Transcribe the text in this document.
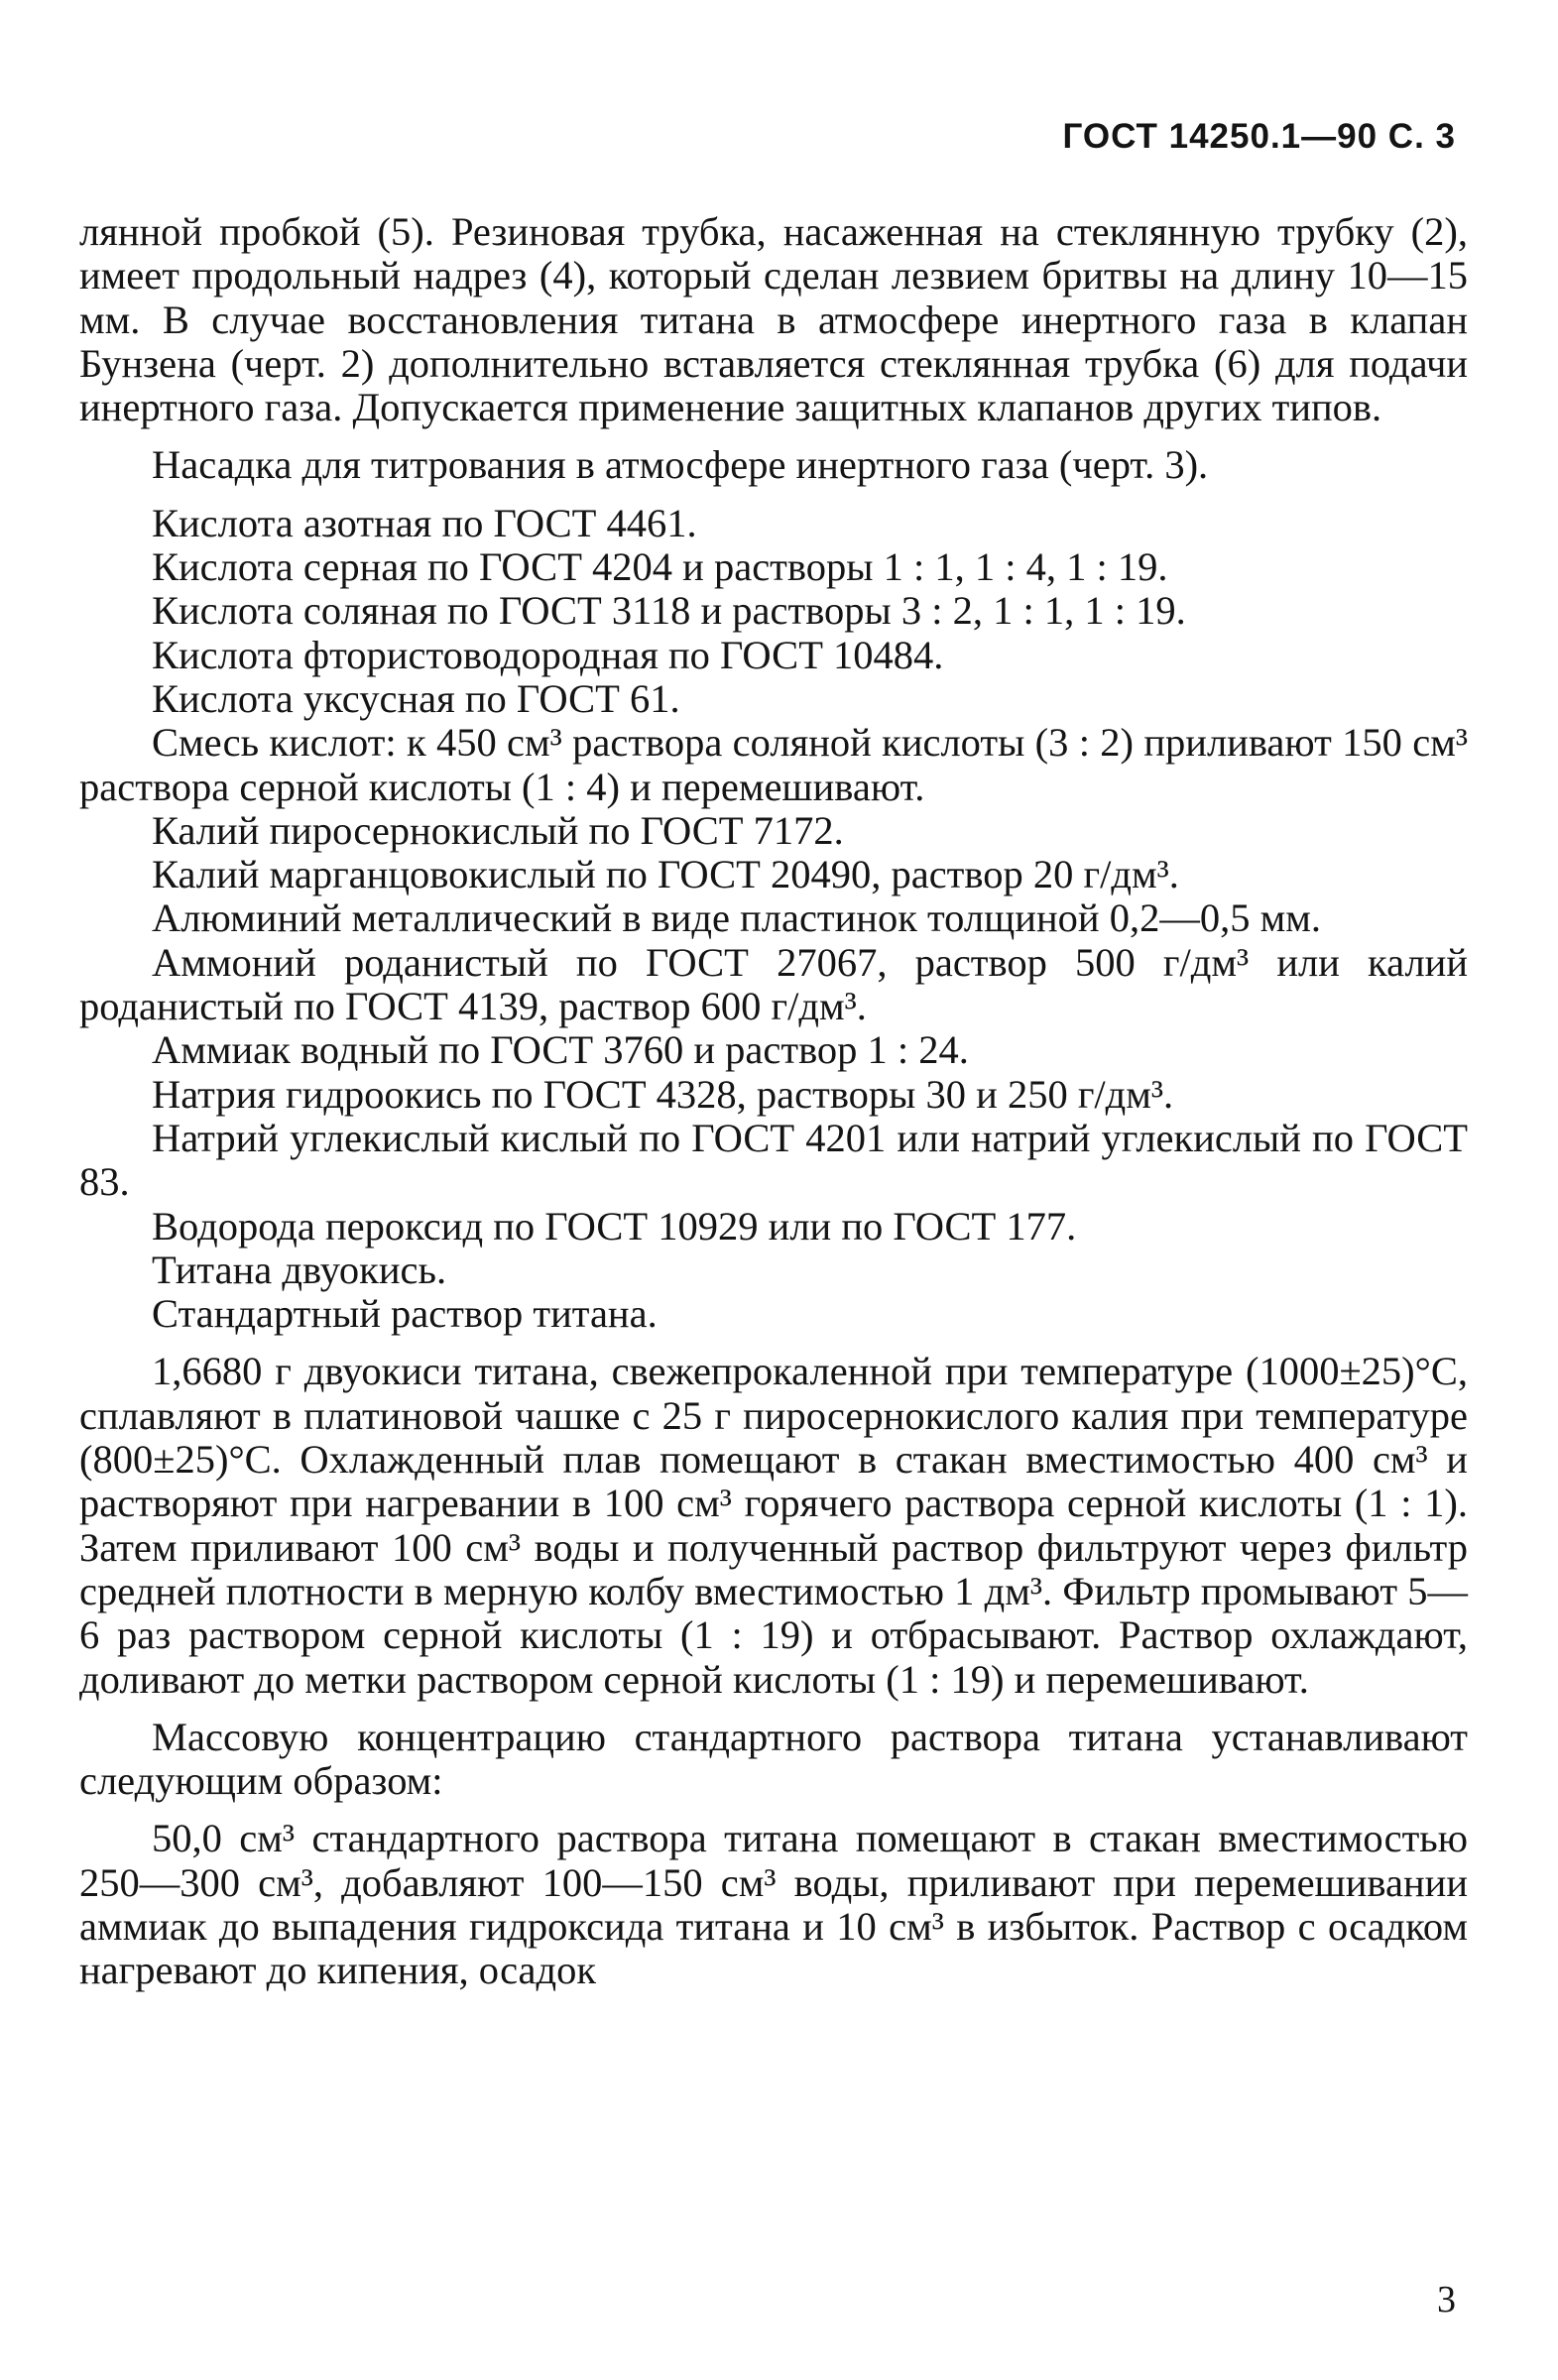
ГОСТ 14250.1—90 С. 3

лянной пробкой (5). Резиновая трубка, насаженная на стеклянную трубку (2), имеет продольный надрез (4), который сделан лезвием бритвы на длину 10—15 мм. В случае восстановления титана в атмосфере инертного газа в клапан Бунзена (черт. 2) дополнительно вставляется стеклянная трубка (6) для подачи инертного газа. Допускается применение защитных клапанов других типов.

Насадка для титрования в атмосфере инертного газа (черт. 3).

Кислота азотная по ГОСТ 4461.

Кислота серная по ГОСТ 4204 и растворы 1 : 1, 1 : 4, 1 : 19.

Кислота соляная по ГОСТ 3118 и растворы 3 : 2, 1 : 1, 1 : 19.

Кислота фтористоводородная по ГОСТ 10484.

Кислота уксусная по ГОСТ 61.

Смесь кислот: к 450 см³ раствора соляной кислоты (3 : 2) приливают 150 см³ раствора серной кислоты (1 : 4) и перемешивают.

Калий пиросернокислый по ГОСТ 7172.

Калий марганцовокислый по ГОСТ 20490, раствор 20 г/дм³.

Алюминий металлический в виде пластинок толщиной 0,2—0,5 мм.

Аммоний роданистый по ГОСТ 27067, раствор 500 г/дм³ или калий роданистый по ГОСТ 4139, раствор 600 г/дм³.

Аммиак водный по ГОСТ 3760 и раствор 1 : 24.

Натрия гидроокись по ГОСТ 4328, растворы 30 и 250 г/дм³.

Натрий углекислый кислый по ГОСТ 4201 или натрий углекислый по ГОСТ 83.

Водорода пероксид по ГОСТ 10929 или по ГОСТ 177.

Титана двуокись.

Стандартный раствор титана.

1,6680 г двуокиси титана, свежепрокаленной при температуре (1000±25)°С, сплавляют в платиновой чашке с 25 г пиросернокислого калия при температуре (800±25)°С. Охлажденный плав помещают в стакан вместимостью 400 см³ и растворяют при нагревании в 100 см³ горячего раствора серной кислоты (1 : 1). Затем приливают 100 см³ воды и полученный раствор фильтруют через фильтр средней плотности в мерную колбу вместимостью 1 дм³. Фильтр промывают 5—6 раз раствором серной кислоты (1 : 19) и отбрасывают. Раствор охлаждают, доливают до метки раствором серной кислоты (1 : 19) и перемешивают.

Массовую концентрацию стандартного раствора титана устанавливают следующим образом:

50,0 см³ стандартного раствора титана помещают в стакан вместимостью 250—300 см³, добавляют 100—150 см³ воды, приливают при перемешивании аммиак до выпадения гидроксида титана и 10 см³ в избыток. Раствор с осадком нагревают до кипения, осадок

3
